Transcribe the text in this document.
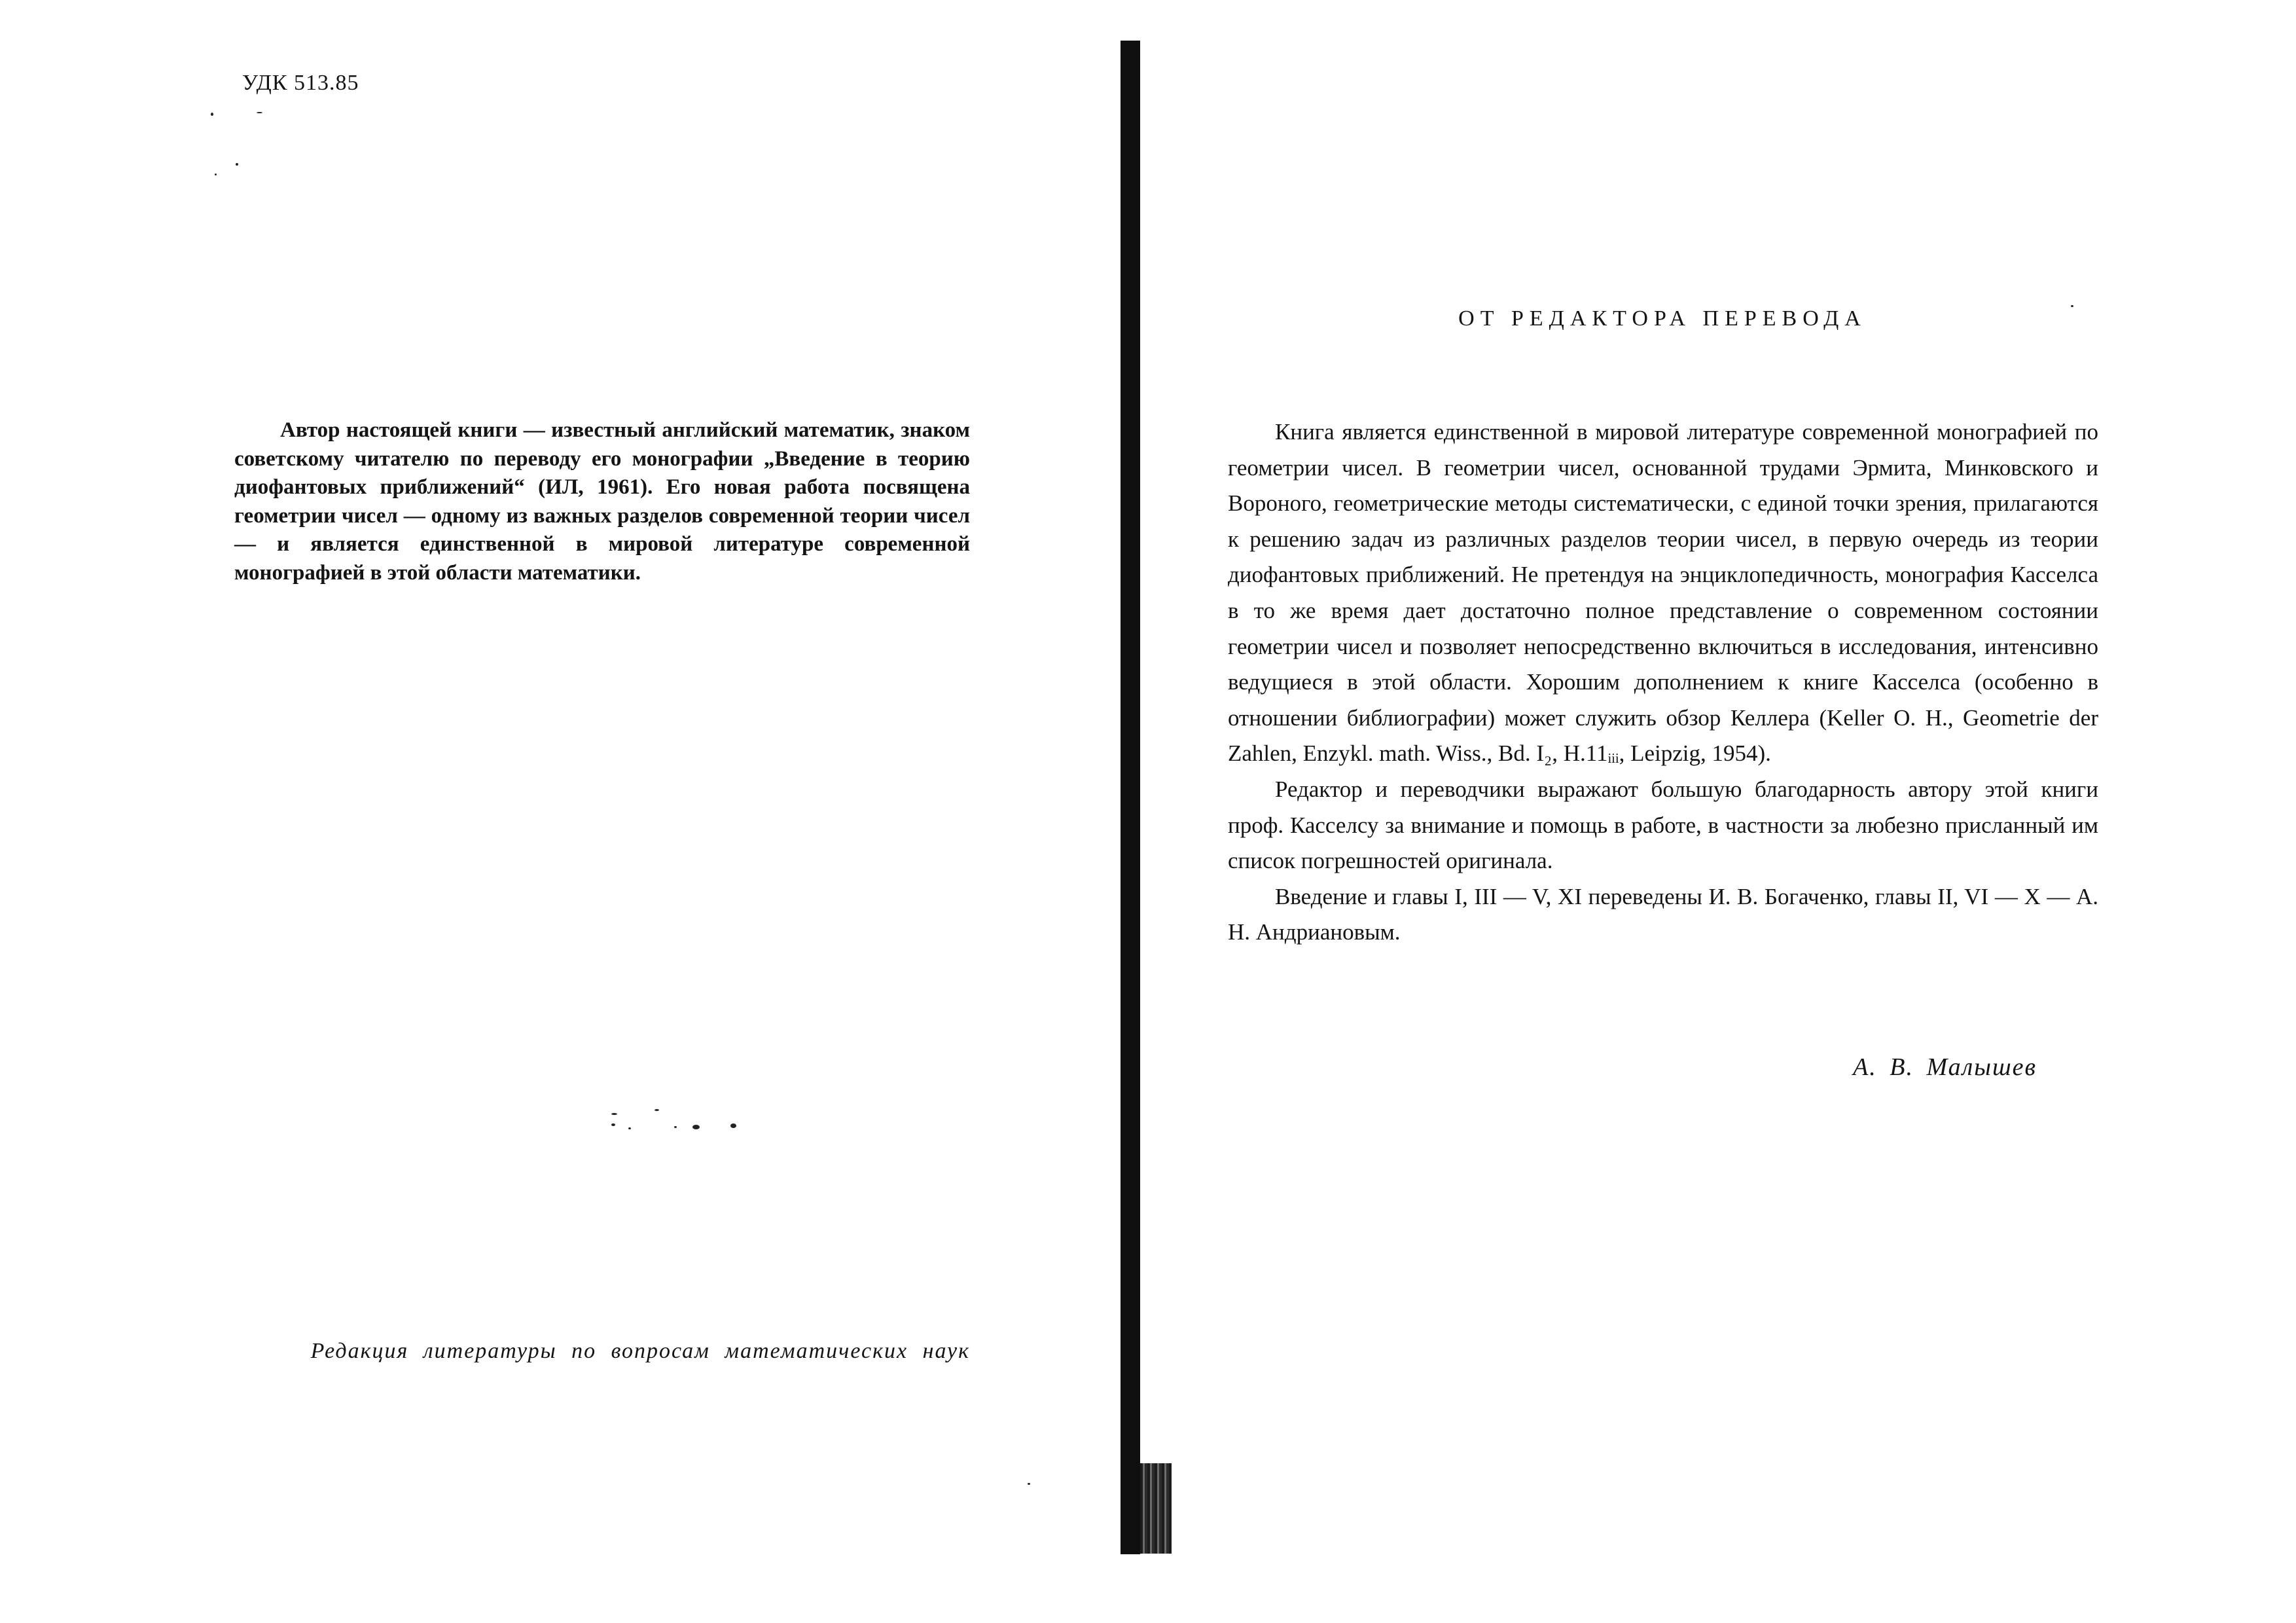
УДК 513.85

Автор настоящей книги — известный английский математик, знаком советскому читателю по переводу его монографии „Введение в теорию диофантовых приближений“ (ИЛ, 1961). Его новая работа посвящена геометрии чисел — одному из важных разделов современной теории чисел — и является единственной в мировой литературе современной монографией в этой области математики.

Редакция литературы по вопросам математических наук
ОТ РЕДАКТОРА ПЕРЕВОДА

Книга является единственной в мировой литературе современной монографией по геометрии чисел. В геометрии чисел, основанной трудами Эрмита, Минковского и Вороного, геометрические методы систематически, с единой точки зрения, прилагаются к решению задач из различных разделов теории чисел, в первую очередь из теории диофантовых приближений. Не претендуя на энциклопедичность, монография Касселса в то же время дает достаточно полное представление о современном состоянии геометрии чисел и позволяет непосредственно включиться в исследования, интенсивно ведущиеся в этой области. Хорошим дополнением к книге Касселса (особенно в отношении библиографии) может служить обзор Келлера (Keller O. H., Geometrie der Zahlen, Enzykl. math. Wiss., Bd. I₂, H.11ᵢᵢᵢ, Leipzig, 1954).

Редактор и переводчики выражают большую благодарность автору этой книги проф. Касселсу за внимание и помощь в работе, в частности за любезно присланный им список погрешностей оригинала.

Введение и главы I, III — V, XI переведены И. В. Богаченко, главы II, VI — X — А. Н. Андриановым.

А. В. Малышев
